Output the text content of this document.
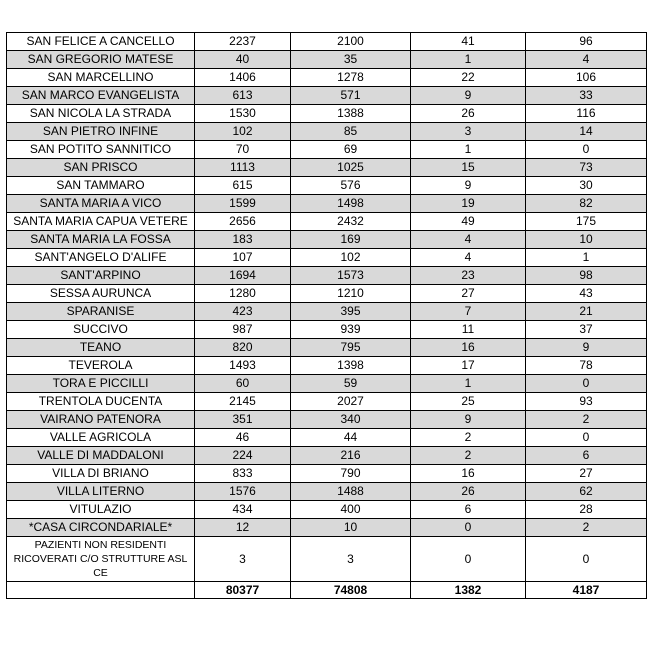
SAN FELICE A CANCELLO	2237	2100	41	96
SAN GREGORIO MATESE	40	35	1	4
SAN MARCELLINO	1406	1278	22	106
SAN MARCO EVANGELISTA	613	571	9	33
SAN NICOLA LA STRADA	1530	1388	26	116
SAN PIETRO INFINE	102	85	3	14
SAN POTITO SANNITICO	70	69	1	0
SAN PRISCO	1113	1025	15	73
SAN TAMMARO	615	576	9	30
SANTA MARIA A VICO	1599	1498	19	82
SANTA MARIA CAPUA VETERE	2656	2432	49	175
SANTA MARIA LA FOSSA	183	169	4	10
SANT'ANGELO D'ALIFE	107	102	4	1
SANT'ARPINO	1694	1573	23	98
SESSA AURUNCA	1280	1210	27	43
SPARANISE	423	395	7	21
SUCCIVO	987	939	11	37
TEANO	820	795	16	9
TEVEROLA	1493	1398	17	78
TORA E PICCILLI	60	59	1	0
TRENTOLA DUCENTA	2145	2027	25	93
VAIRANO PATENORA	351	340	9	2
VALLE AGRICOLA	46	44	2	0
VALLE DI MADDALONI	224	216	2	6
VILLA DI BRIANO	833	790	16	27
VILLA LITERNO	1576	1488	26	62
VITULAZIO	434	400	6	28
*CASA CIRCONDARIALE*	12	10	0	2
PAZIENTI NON RESIDENTI RICOVERATI C/O STRUTTURE ASL CE	3	3	0	0
	80377	74808	1382	4187
